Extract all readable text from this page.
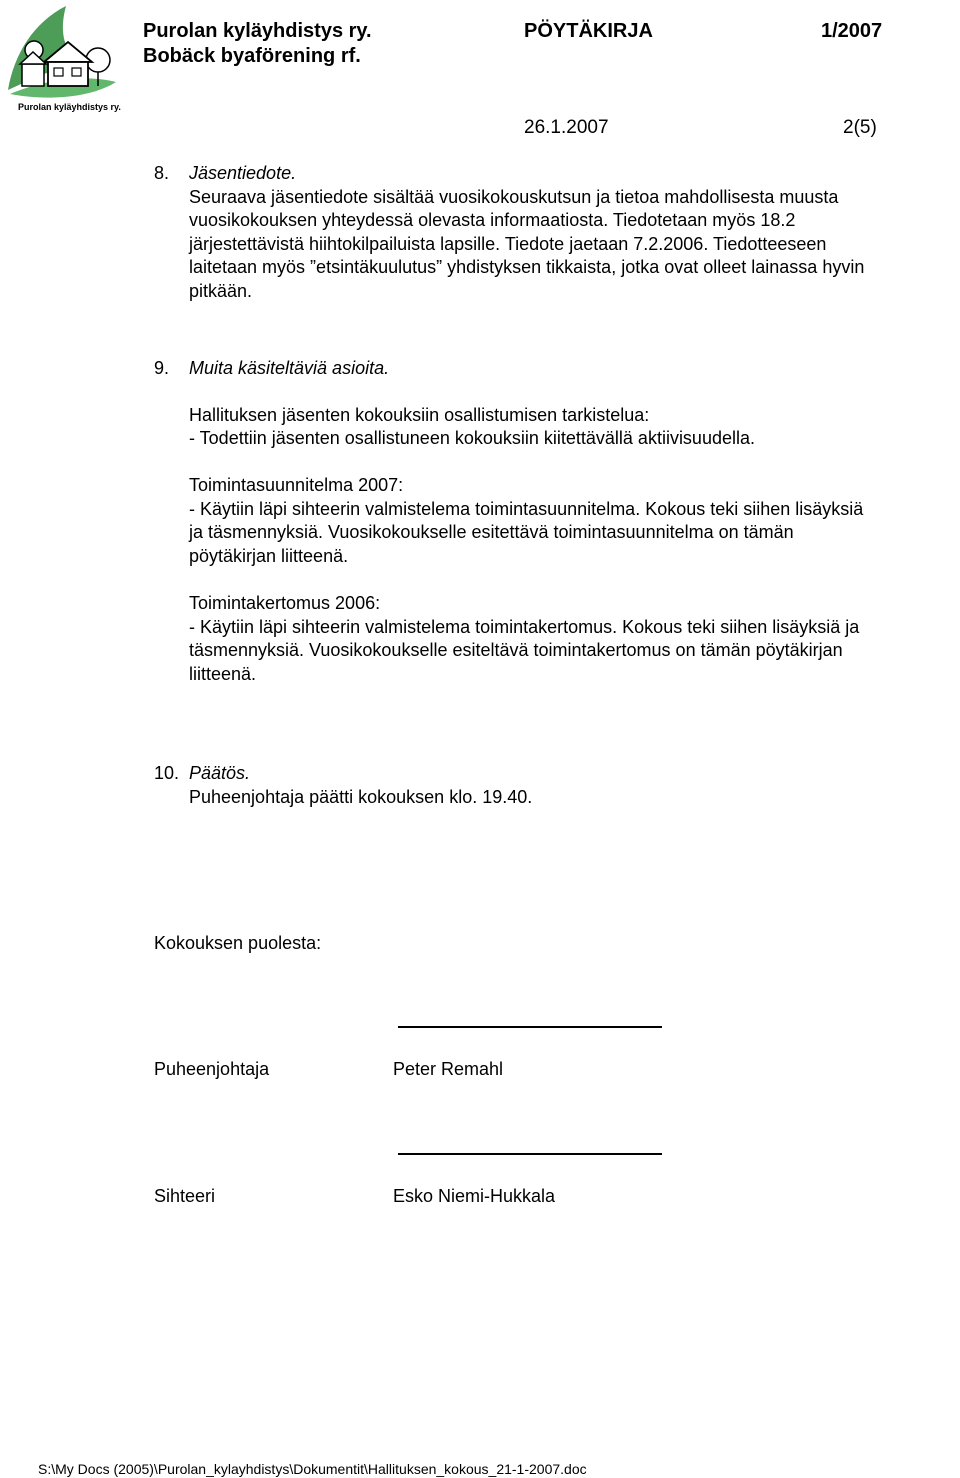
Purolan kyläyhdistys ry.
Purolan kyläyhdistys ry.
Bobäck byaförening rf.
PÖYTÄKIRJA	1/2007
26.1.2007	2(5)
8. Jäsentiedote.
Seuraava jäsentiedote sisältää vuosikokouskutsun ja tietoa mahdollisesta muusta
vuosikokouksen yhteydessä olevasta informaatiosta. Tiedotetaan myös 18.2
järjestettävistä hiihtokilpailuista lapsille. Tiedote jaetaan 7.2.2006. Tiedotteeseen
laitetaan myös ”etsintäkuulutus” yhdistyksen tikkaista, jotka ovat olleet lainassa hyvin
pitkään.
9. Muita käsiteltäviä asioita.
Hallituksen jäsenten kokouksiin osallistumisen tarkistelua:
- Todettiin jäsenten osallistuneen kokouksiin kiitettävällä aktiivisuudella.
Toimintasuunnitelma 2007:
- Käytiin läpi sihteerin valmistelema toimintasuunnitelma. Kokous teki siihen lisäyksiä
ja täsmennyksiä. Vuosikokoukselle esitettävä toimintasuunnitelma on tämän
pöytäkirjan liitteenä.
Toimintakertomus 2006:
- Käytiin läpi sihteerin valmistelema toimintakertomus. Kokous teki siihen lisäyksiä ja
täsmennyksiä. Vuosikokoukselle esiteltävä toimintakertomus on tämän pöytäkirjan
liitteenä.
10. Päätös.
Puheenjohtaja päätti kokouksen klo. 19.40.
Kokouksen puolesta:
Puheenjohtaja	Peter Remahl
Sihteeri	Esko Niemi-Hukkala
S:\My Docs (2005)\Purolan_kylayhdistys\Dokumentit\Hallituksen_kokous_21-1-2007.doc
